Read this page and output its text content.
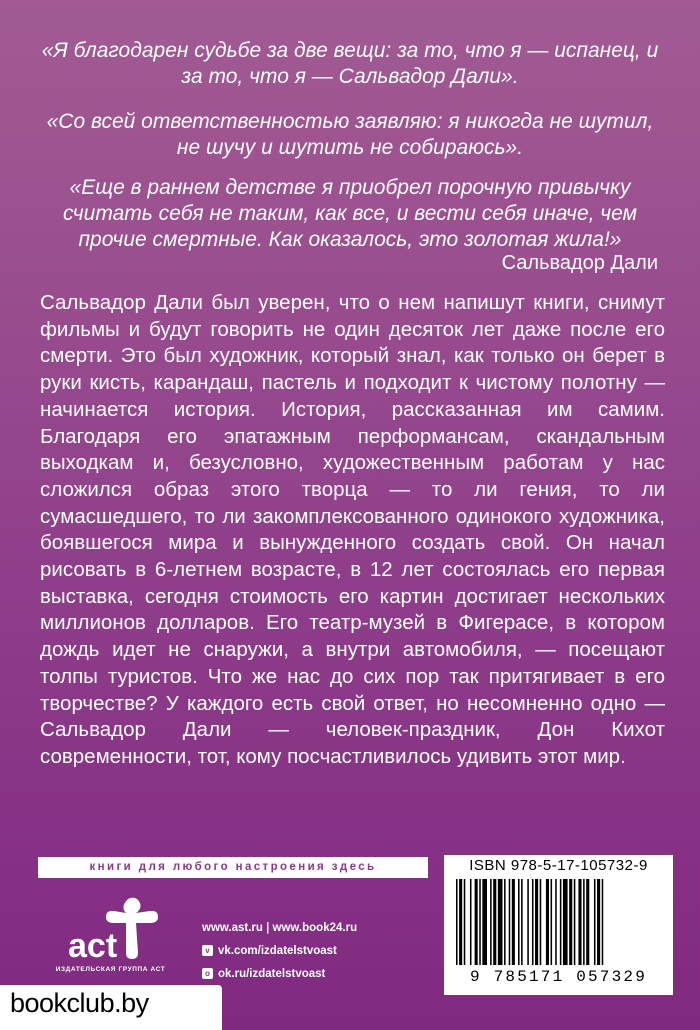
«Я благодарен судьбе за две вещи: за то, что я — испанец, и за то, что я — Сальвадор Дали».

«Со всей ответственностью заявляю: я никогда не шутил, не шучу и шутить не собираюсь».

«Еще в раннем детстве я приобрел порочную привычку считать себя не таким, как все, и вести себя иначе, чем прочие смертные. Как оказалось, это золотая жила!»

Сальвадор Дали

Сальвадор Дали был уверен, что о нем напишут книги, снимут фильмы и будут говорить не один десяток лет даже после его смерти. Это был художник, который знал, как только он берет в руки кисть, карандаш, пастель и подходит к чистому полотну — начинается история. История, рассказанная им самим. Благодаря его эпатажным перформансам, скандальным выходкам и, безусловно, художественным работам у нас сложился образ этого творца — то ли гения, то ли сумасшедшего, то ли закомплексованного одинокого художника, боявшегося мира и вынужденного создать свой. Он начал рисовать в 6-летнем возрасте, в 12 лет состоялась его первая выставка, сегодня стоимость его картин достигает нескольких миллионов долларов. Его театр-музей в Фигерасе, в котором дождь идет не снаружи, а внутри автомобиля, — посещают толпы туристов. Что же нас до сих пор так притягивает в его творчестве? У каждого есть свой ответ, но несомненно одно — Сальвадор Дали — человек-праздник, Дон Кихот современности, тот, кому посчастливилось удивить этот мир.

книги для любого настроения здесь
act
ИЗДАТЕЛЬСКАЯ ГРУППА АСТ
www.ast.ru | www.book24.ru
v vk.com/izdatelstvoast
o ok.ru/izdatelstvoast
ISBN 978-5-17-105732-9
9 785171 057329
bookclub.by
